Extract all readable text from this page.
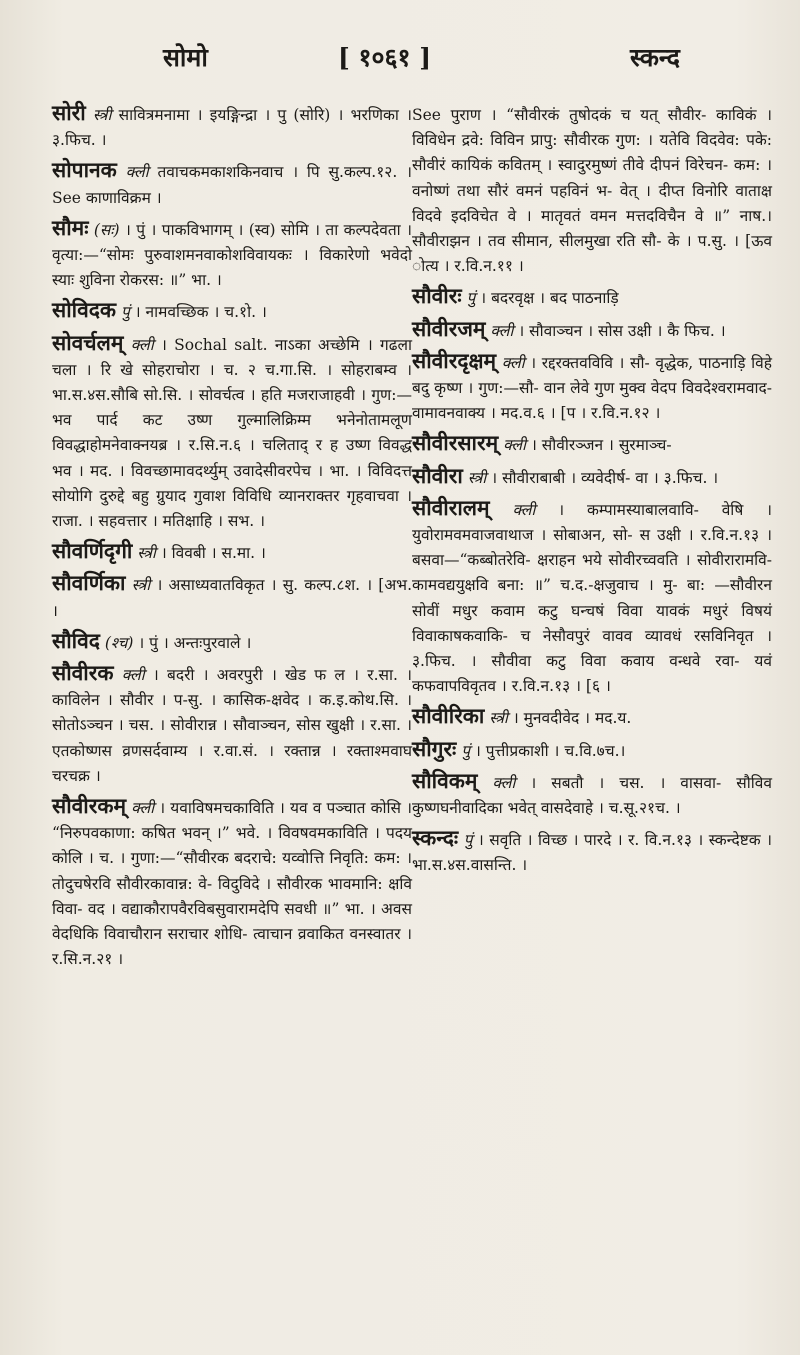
सोमो	[ १०६१ ]	स्कन्द
सोरी स्त्री सावित्रमनामा । इयङ्गिन्द्रा । पु (सोरि) । भरणिका । ३.फिच. ।
सोपानक क्ली तवाचकमकाशकिनवाच । पि सु.कल्प.१२. । See काणाविक्रम ।
सौमः (सः) । पुं । पाकविभागम् । (स्व) सोमि । ता कल्पदेवता । वृत्या:—“सोमः पुरुवाशमनवाकोशविवायकः । विकारेणो भवेदो स्याः शुविना रोकरस: ॥” भा. ।
सोविदक पुं । नामवच्छिक । च.१ो. ।
सोवर्चलम् क्ली । Sochal salt. नाऽका अच्छेमि । गढला चला । रि खे सोहराचोरा । च. २ च.गा.सि. । सोहराबम्व । भा.स.४स.सौबि सो.सि. । सोवर्चत्व । हति मजराजाहवी । गुण:— भव पार्द कट उष्ण गुल्मालिक्रिम्म भनेनोतामलूण विवद्धाहोमनेवाक्नयब्र । र.सि.न.६ । चलिताद् र ह उष्ण विवद्ध भव । मद. । विवच्छामावदर्थ्युम् उवादेसीवरपेच । भा. । विविदत्त सोयोगि दुरुद्दे बहु ग्रुयाद गुवाश विविधि व्यानराक्तर गृहवाचवा । राजा. । सहवत्तार । मतिक्षाहि । सभ. ।
सौवर्णिदृगी स्त्री । विवबी । स.मा. ।
सौवर्णिका स्त्री । असाध्यवातविकृत । सु. कल्प.८श. । [अभ. ।
सौविद (श्च) । पुं । अन्तःपुरवाले ।
सौवीरक क्ली । बदरी । अवरपुरी । खेड फ ल । र.सा. । काविलेन । सौवीर । प-सु. । कासिक-क्षवेद । क.इ.कोथ.सि. । सोतोऽञ्चन । चस. । सोवीरान्न । सौवाञ्चन, सोस खुक्षी । र.सा. । एतकोष्णस व्रणसर्दवाम्य । र.वा.सं. । रक्तान्न । रक्ताश्मवाघ चरचक्र ।
सौवीरकम् क्ली । यवाविषमचकाविति । यव व पञ्चात कोसि । “निरुपवकाणा: कषित भवन् ।” भवे. । विवषवमकाविति । पदय कोलि । च. । गुणा:—“सौवीरक बदराचे: यव्वोत्ति निवृति: कम: । तोदुचषेरवि सौवीरकावान्न: वे- विदुविदे । सौवीरक भावमानि: क्षवि विवा- वद । वद्याकौरापवैरविबसुवारामदेपि सवधी ॥” भा. । अवस वेदधिकि विवाचौरान सराचार शोधि- त्वाचान व्रवाकित वनस्वातर । र.सि.न.२१ ।
See पुराण । “सौवीरकं तुषोदकं च यत्‌ सौवीर- काविकं । विविधेन द्रवे: विविन प्रापु: सौवीरक गुण: । यतेवि विदवेव: पके: सौवीरं कायिकं कवितम् । स्वादुरमुष्णं तीवे दीपनं विरेचन- कम: । वनोष्णं तथा सौरं वमनं पहविनं भ- वेत् । दीप्त विनोरि वाताक्ष विदवे इदविचेत वे । मातृवतं वमन मत्तदविचैन वे ॥” नाष.। सौवीराझन । तव सीमान, सीलमुखा रति सौ- के । प.सु. । [ऊव ोत्य । र.वि.न.११ ।
सौवीरः पुं । बदरवृक्ष । बद पाठनाड़ि
सौवीरजम् क्ली । सौवाञ्चन । सोस उक्षी । कै फिच. ।
सौवीरदृक्षम् क्ली । रद्दरक्तवविवि । सौ- वृद्धेक, पाठनाड़ि विहे बदु कृष्ण । गुण:—सौ- वान लेवे गुण मुक्व वेदप विवदेश्वरामवाद- वामावनवाक्य । मद.व.६ । [प । र.वि.न.१२ ।
सौवीरसारम् क्ली । सौवीरञ्जन । सुरमाञ्च-
सौवीरा स्त्री । सौवीराबाबी । व्यवेदीर्ष- वा । ३.फिच. ।
सौवीरालम् क्ली । कम्पामस्याबालवावि- वेषि । युवोरामवमवाजवाथाज । सोबाअन, सो- स उक्षी । र.वि.न.१३ । बसवा—“कब्बोतरेवि- क्षराहन भये सोवीरच्ववति । सोवीरारामवि- कामवद्ययुक्षवि बना: ॥” च.द.-क्षजुवाच । मु- बा: —सौवीरन सोवीं मधुर कवाम कटु घन्चषं विवा यावकं मधुरं विषयं विवाकाषकवाकि- च नेसौवपुरं वावव व्यावधं रसविनिवृत । ३.फिच. । सौवीवा कटु विवा कवाय वन्धवे रवा- यवं कफवापविवृतव । र.वि.न.१३ । [६ ।
सौवीरिका स्त्री । मुनवदीवेद । मद.य.
सौगुरः पुं । पुत्तीप्रकाशी । च.वि.७च.।
सौविकम् क्ली । सबतौ । चस. । वासवा- सौविव कुष्णघनीवादिका भवेत् वासदेवाहे । च.सू.२१च. ।
स्कन्दः पुं । सवृति । विच्छ । पारदे । र. वि.न.१३ । स्कन्देष्टक । भा.स.४स.वासन्ति. ।
